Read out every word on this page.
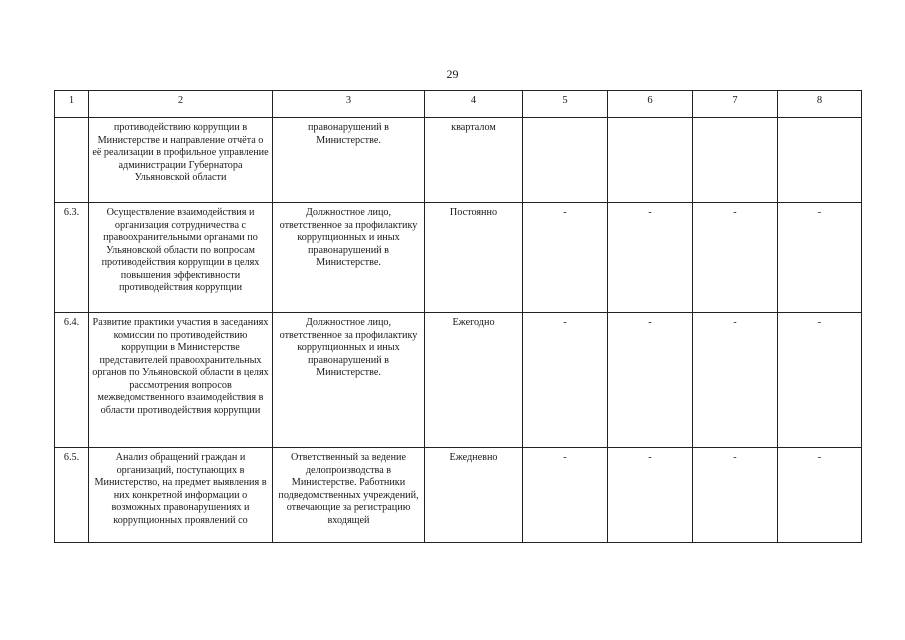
29
1	2	3	4	5	6	7	8
	противодействию коррупции в Министерстве и направление отчёта о её реализации в профильное управление администрации Губернатора Ульяновской области	правонарушений в Министерстве.	кварталом				
6.3.	Осуществление взаимодействия и организация сотрудничества с правоохранительными органами по Ульяновской области по вопросам противодействия коррупции в целях повышения эффективности противодействия коррупции	Должностное лицо, ответственное за профилактику коррупционных и иных правонарушений в Министерстве.	Постоянно	-	-	-	-
6.4.	Развитие практики участия в заседаниях комиссии по противодействию коррупции в Министерстве представителей правоохранительных органов по Ульяновской области в целях рассмотрения вопросов межведомственного взаимодействия в области противодействия коррупции	Должностное лицо, ответственное за профилактику коррупционных и иных правонарушений в Министерстве.	Ежегодно	-	-	-	-
6.5.	Анализ обращений граждан и организаций, поступающих в Министерство, на предмет выявления в них конкретной информации о возможных правонарушениях и коррупционных проявлений со	Ответственный за ведение делопроизводства в Министерстве. Работники подведомственных учреждений, отвечающие за регистрацию входящей	Ежедневно	-	-	-	-
